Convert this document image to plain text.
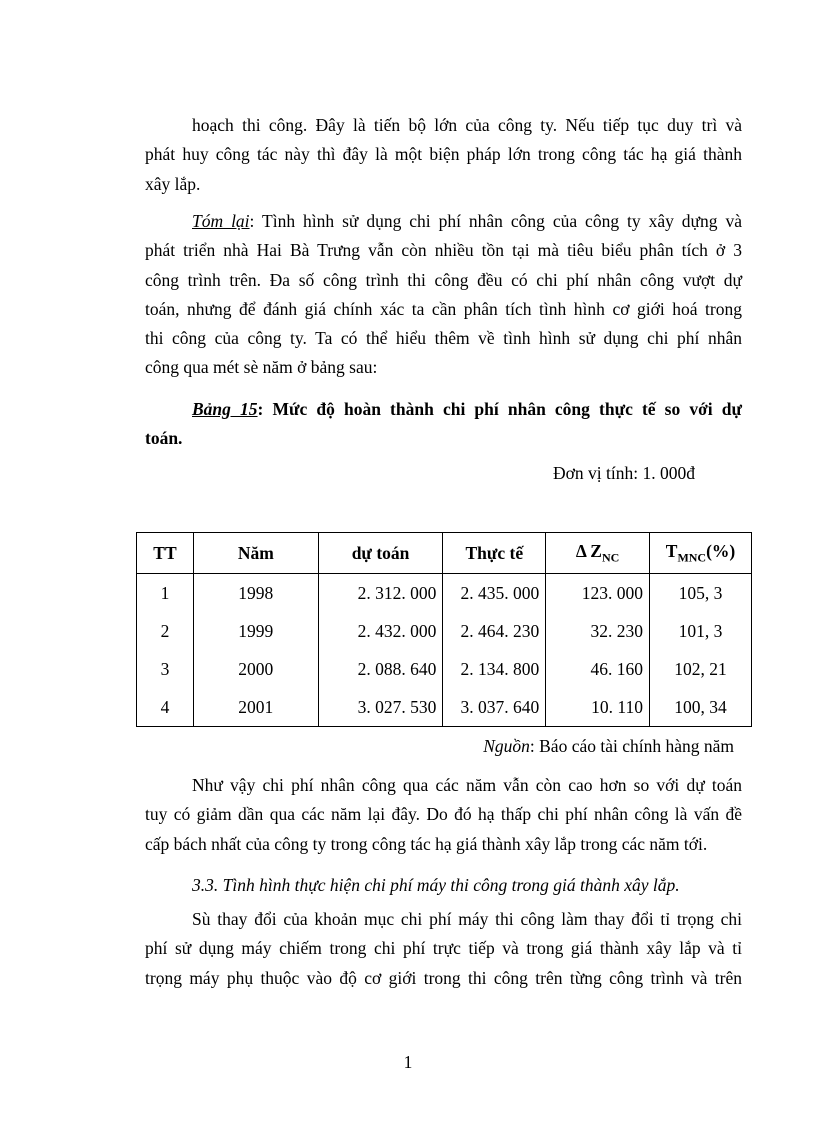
hoạch thi công. Đây là tiến bộ lớn của công ty. Nếu tiếp tục duy trì và
phát huy công tác này thì đây là một biện pháp lớn trong công tác hạ giá thành
xây lắp.
Tóm lại: Tình hình sử dụng chi phí nhân công của công ty xây dựng và
phát triển nhà Hai Bà Trưng vẫn còn nhiều tồn tại mà tiêu biểu phân tích ở 3
công trình trên. Đa số công trình thi công đều có chi phí nhân công vượt dự
toán, nhưng để đánh giá chính xác ta cần phân tích tình hình cơ giới hoá trong
thi công của công ty. Ta có thể hiểu thêm về tình hình sử dụng chi phí nhân
công qua mét sè năm ở bảng sau:
Bảng 15: Mức độ hoàn thành chi phí nhân công thực tế so với dự
toán.
Đơn vị tính: 1. 000đ
TT	Năm	dự toán	Thực tế	Δ $Z_{NC}$	$T_{MNC}(\%)$
1	1998	2. 312. 000	2. 435. 000	123. 000	105, 3
2	1999	2. 432. 000	2. 464. 230	32. 230	101, 3
3	2000	2. 088. 640	2. 134. 800	46. 160	102, 21
4	2001	3. 027. 530	3. 037. 640	10. 110	100, 34
Nguồn: Báo cáo tài chính hàng năm
Như vậy chi phí nhân công qua các năm vẫn còn cao hơn so với dự toán
tuy có giảm dần qua các năm lại đây. Do đó hạ thấp chi phí nhân công là vấn đề
cấp bách nhất của công ty trong công tác hạ giá thành xây lắp trong các năm tới.
3.3. Tình hình thực hiện chi phí máy thi công trong giá thành xây lắp.
Sù thay đổi của khoản mục chi phí máy thi công làm thay đổi tỉ trọng chi
phí sử dụng máy chiếm trong chi phí trực tiếp và trong giá thành xây lắp và tỉ
trọng máy phụ thuộc vào độ cơ giới trong thi công trên từng công trình và trên
1
